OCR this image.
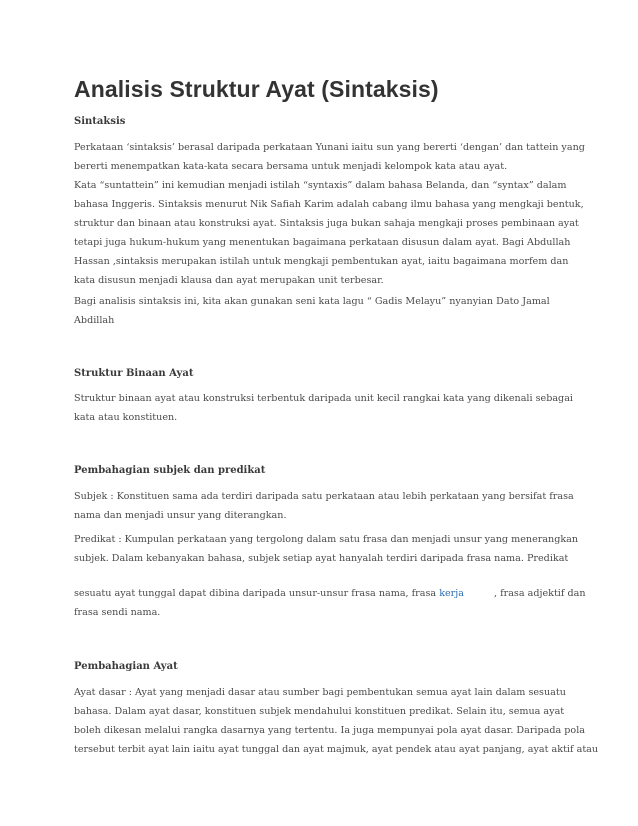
Analisis Struktur Ayat (Sintaksis)
Sintaksis
Perkataan ‘sintaksis’ berasal daripada perkataan Yunani iaitu sun yang bererti ‘dengan’ dan tattein yang
bererti menempatkan kata-kata secara bersama untuk menjadi kelompok kata atau ayat.
Kata “suntattein” ini kemudian menjadi istilah “syntaxis” dalam bahasa Belanda, dan “syntax” dalam
bahasa Inggeris. Sintaksis menurut Nik Safiah Karim adalah cabang ilmu bahasa yang mengkaji bentuk,
struktur dan binaan atau konstruksi ayat. Sintaksis juga bukan sahaja mengkaji proses pembinaan ayat
tetapi juga hukum-hukum yang menentukan bagaimana perkataan disusun dalam ayat. Bagi Abdullah
Hassan ,sintaksis merupakan istilah untuk mengkaji pembentukan ayat, iaitu bagaimana morfem dan
kata disusun menjadi klausa dan ayat merupakan unit terbesar.
Bagi analisis sintaksis ini, kita akan gunakan seni kata lagu “ Gadis Melayu” nyanyian Dato Jamal
Abdillah
Struktur Binaan Ayat
Struktur binaan ayat atau konstruksi terbentuk daripada unit kecil rangkai kata yang dikenali sebagai
kata atau konstituen.
Pembahagian subjek dan predikat
Subjek : Konstituen sama ada terdiri daripada satu perkataan atau lebih perkataan yang bersifat frasa
nama dan menjadi unsur yang diterangkan.
Predikat : Kumpulan perkataan yang tergolong dalam satu frasa dan menjadi unsur yang menerangkan
subjek. Dalam kebanyakan bahasa, subjek setiap ayat hanyalah terdiri daripada frasa nama. Predikat
sesuatu ayat tunggal dapat dibina daripada unsur-unsur frasa nama, frasa kerja	, frasa adjektif dan
frasa sendi nama.
Pembahagian Ayat
Ayat dasar : Ayat yang menjadi dasar atau sumber bagi pembentukan semua ayat lain dalam sesuatu
bahasa. Dalam ayat dasar, konstituen subjek mendahului konstituen predikat. Selain itu, semua ayat
boleh dikesan melalui rangka dasarnya yang tertentu. Ia juga mempunyai pola ayat dasar. Daripada pola
tersebut terbit ayat lain iaitu ayat tunggal dan ayat majmuk, ayat pendek atau ayat panjang, ayat aktif atau
